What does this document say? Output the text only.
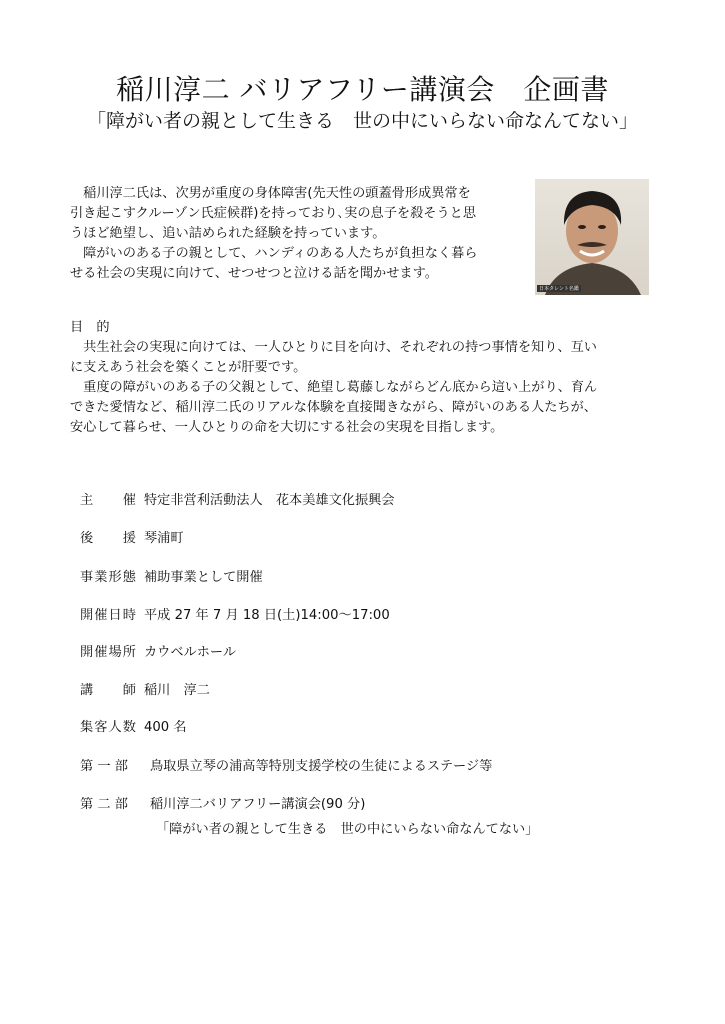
稲川淳二 バリアフリー講演会　企画書
「障がい者の親として生きる　世の中にいらない命なんてない」
　稲川淳二氏は、次男が重度の身体障害(先天性の頭蓋骨形成異常を
引き起こすクルーゾン氏症候群)を持っており､実の息子を殺そうと思
うほど絶望し、追い詰められた経験を持っています。
　障がいのある子の親として、ハンディのある人たちが負担なく暮ら
せる社会の実現に向けて、せつせつと泣ける話を聞かせます。
日本タレント名鑑
目　的
　共生社会の実現に向けては、一人ひとりに目を向け、それぞれの持つ事情を知り、互い
に支えあう社会を築くことが肝要です。
　重度の障がいのある子の父親として、絶望し葛藤しながらどん底から這い上がり、育ん
できた愛情など、稲川淳二氏のリアルな体験を直接聞きながら、障がいのある人たちが、
安心して暮らせ、一人ひとりの命を大切にする社会の実現を目指します。
主催 特定非営利活動法人　花本美雄文化振興会
後援 琴浦町
事業形態 補助事業として開催
開催日時 平成 27 年 7 月 18 日(土)14:00～17:00
開催場所 カウベルホール
講師 稲川　淳二
集客人数 400 名
第一部 鳥取県立琴の浦高等特別支援学校の生徒によるステージ等
第二部 稲川淳二バリアフリー講演会(90 分)
「障がい者の親として生きる　世の中にいらない命なんてない」
